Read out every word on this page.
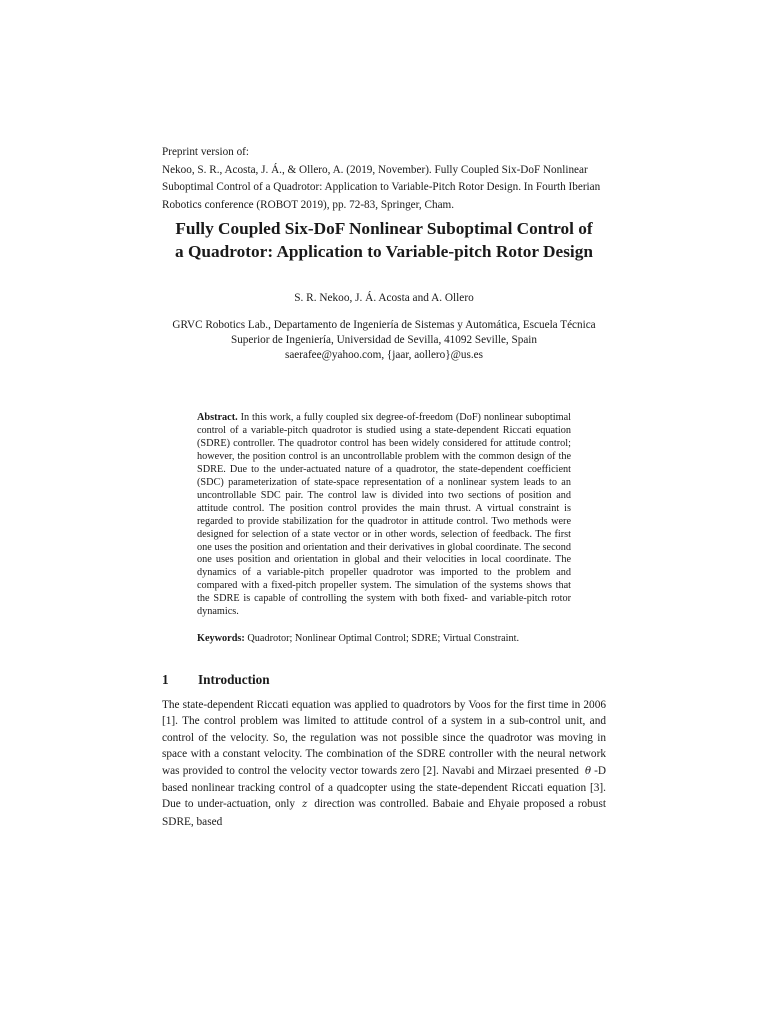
Preprint version of:

Nekoo, S. R., Acosta, J. Á., & Ollero, A. (2019, November). Fully Coupled Six-DoF Nonlinear Suboptimal Control of a Quadrotor: Application to Variable-Pitch Rotor Design. In Fourth Iberian Robotics conference (ROBOT 2019), pp. 72-83, Springer, Cham.

Fully Coupled Six-DoF Nonlinear Suboptimal Control of
a Quadrotor: Application to Variable-pitch Rotor Design

S. R. Nekoo, J. Á. Acosta and A. Ollero

GRVC Robotics Lab., Departamento de Ingeniería de Sistemas y Automática, Escuela Técnica
Superior de Ingeniería, Universidad de Sevilla, 41092 Seville, Spain
saerafee@yahoo.com, {jaar, aollero}@us.es

Abstract. In this work, a fully coupled six degree-of-freedom (DoF) nonlinear suboptimal control of a variable-pitch quadrotor is studied using a state-dependent Riccati equation (SDRE) controller. The quadrotor control has been widely considered for attitude control; however, the position control is an uncontrollable problem with the common design of the SDRE. Due to the under-actuated nature of a quadrotor, the state-dependent coefficient (SDC) parameterization of state-space representation of a nonlinear system leads to an uncontrollable SDC pair. The control law is divided into two sections of position and attitude control. The position control provides the main thrust. A virtual constraint is regarded to provide stabilization for the quadrotor in attitude control. Two methods were designed for selection of a state vector or in other words, selection of feedback. The first one uses the position and orientation and their derivatives in global coordinate. The second one uses position and orientation in global and their velocities in local coordinate. The dynamics of a variable-pitch propeller quadrotor was imported to the problem and compared with a fixed-pitch propeller system. The simulation of the systems shows that the SDRE is capable of controlling the system with both fixed- and variable-pitch rotor dynamics.

Keywords: Quadrotor; Nonlinear Optimal Control; SDRE; Virtual Constraint.

1 Introduction

The state-dependent Riccati equation was applied to quadrotors by Voos for the first time in 2006 [1]. The control problem was limited to attitude control of a system in a sub-control unit, and control of the velocity. So, the regulation was not possible since the quadrotor was moving in space with a constant velocity. The combination of the SDRE controller with the neural network was provided to control the velocity vector towards zero [2]. Navabi and Mirzaei presented θ -D based nonlinear tracking control of a quadcopter using the state-dependent Riccati equation [3]. Due to under-actuation, only z direction was controlled. Babaie and Ehyaie proposed a robust SDRE, based
